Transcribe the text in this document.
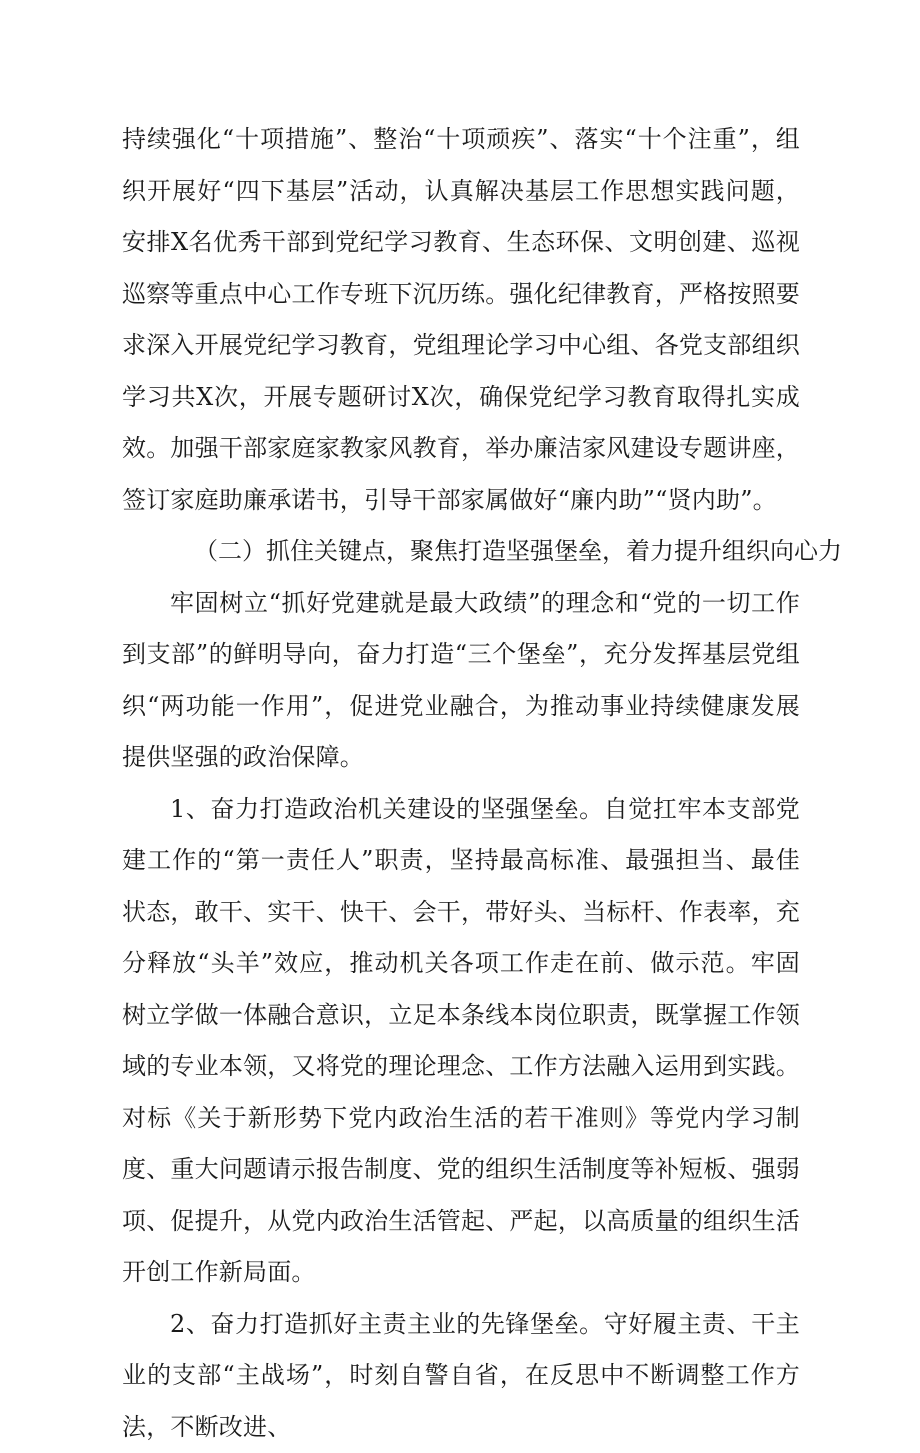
持续强化“十项措施”、整治“十项顽疾”、落实“十个注重”，组织开展好“四下基层”活动，认真解决基层工作思想实践问题，安排X名优秀干部到党纪学习教育、生态环保、文明创建、巡视巡察等重点中心工作专班下沉历练。强化纪律教育，严格按照要求深入开展党纪学习教育，党组理论学习中心组、各党支部组织学习共X次，开展专题研讨X次，确保党纪学习教育取得扎实成效。加强干部家庭家教家风教育，举办廉洁家风建设专题讲座，签订家庭助廉承诺书，引导干部家属做好“廉内助”“贤内助”。

（二）抓住关键点，聚焦打造坚强堡垒，着力提升组织向心力

牢固树立“抓好党建就是最大政绩”的理念和“党的一切工作到支部”的鲜明导向，奋力打造“三个堡垒”，充分发挥基层党组织“两功能一作用”，促进党业融合，为推动事业持续健康发展提供坚强的政治保障。

1、奋力打造政治机关建设的坚强堡垒。自觉扛牢本支部党建工作的“第一责任人”职责，坚持最高标准、最强担当、最佳状态，敢干、实干、快干、会干，带好头、当标杆、作表率，充分释放“头羊”效应，推动机关各项工作走在前、做示范。牢固树立学做一体融合意识，立足本条线本岗位职责，既掌握工作领域的专业本领，又将党的理论理念、工作方法融入运用到实践。对标《关于新形势下党内政治生活的若干准则》等党内学习制度、重大问题请示报告制度、党的组织生活制度等补短板、强弱项、促提升，从党内政治生活管起、严起，以高质量的组织生活开创工作新局面。

2、奋力打造抓好主责主业的先锋堡垒。守好履主责、干主业的支部“主战场”，时刻自警自省，在反思中不断调整工作方法，不断改进、
